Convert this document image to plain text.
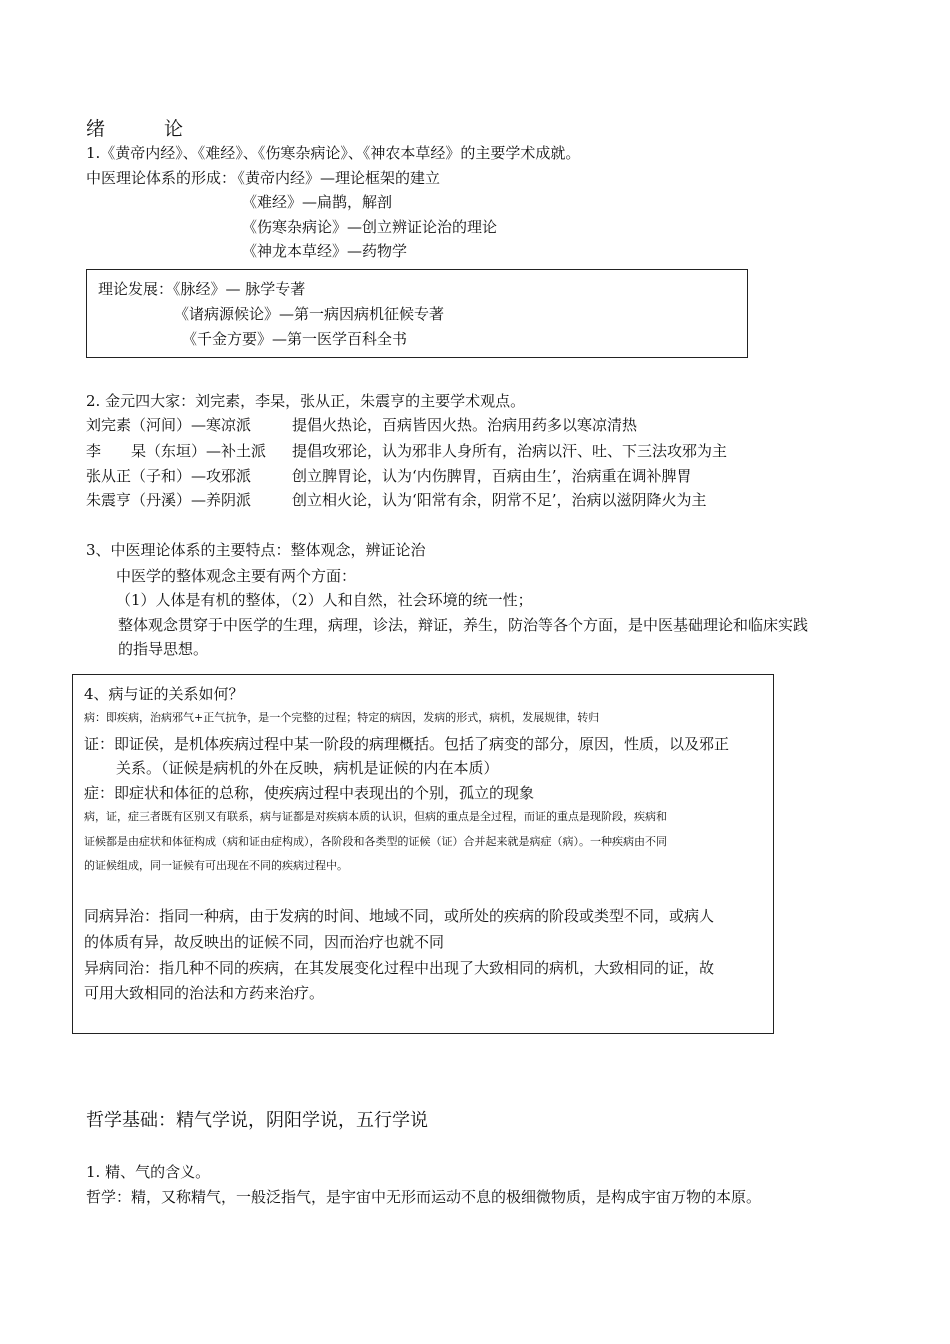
绪	论
1.《黄帝内经》、《难经》、《伤寒杂病论》、《神农本草经》的主要学术成就。
中医理论体系的形成：
《黄帝内经》—理论框架的建立
《难经》—扁鹊，解剖
《伤寒杂病论》—创立辨证论治的理论
《神龙本草经》—药物学
理论发展：《脉经》— 脉学专著
《诸病源候论》—第一病因病机征候专著
《千金方要》—第一医学百科全书
2. 金元四大家：刘完素，李杲，张从正，朱震亨的主要学术观点。
刘完素（河间）—寒凉派	提倡火热论，百病皆因火热。治病用药多以寒凉清热
李　　杲（东垣）—补土派 提倡攻邪论，认为邪非人身所有，治病以汗、吐、下三法攻邪为主
张从正（子和）—攻邪派	创立脾胃论，认为‘内伤脾胃，百病由生’，治病重在调补脾胃
朱震亨（丹溪）—养阴派	创立相火论，认为‘阳常有余，阴常不足’，治病以滋阴降火为主
3、中医理论体系的主要特点：整体观念，辨证论治
中医学的整体观念主要有两个方面：
（1）人体是有机的整体，（2）人和自然，社会环境的统一性；
整体观念贯穿于中医学的生理，病理，诊法，辩证，养生，防治等各个方面，是中医基础理论和临床实践
的指导思想。
4、病与证的关系如何？
病：即疾病，治病邪气+正气抗争，是一个完整的过程；特定的病因，发病的形式，病机，发展规律，转归
证：即证侯，是机体疾病过程中某一阶段的病理概括。包括了病变的部分，原因，性质，以及邪正
关系。（证候是病机的外在反映，病机是证候的内在本质）
症：即症状和体征的总称，使疾病过程中表现出的个别，孤立的现象
病，证，症三者既有区别又有联系，病与证都是对疾病本质的认识，但病的重点是全过程，而证的重点是现阶段，疾病和
证候都是由症状和体征构成（病和证由症构成），各阶段和各类型的证候（证）合并起来就是病症（病）。一种疾病由不同
的证候组成，同一证候有可出现在不同的疾病过程中。
同病异治：指同一种病，由于发病的时间、地域不同，或所处的疾病的阶段或类型不同，或病人
的体质有异，故反映出的证候不同，因而治疗也就不同
异病同治：指几种不同的疾病，在其发展变化过程中出现了大致相同的病机，大致相同的证，故
可用大致相同的治法和方药来治疗。
哲学基础：精气学说，阴阳学说，五行学说
1. 精、气的含义。
哲学：精，又称精气，一般泛指气，是宇宙中无形而运动不息的极细微物质，是构成宇宙万物的本原。
